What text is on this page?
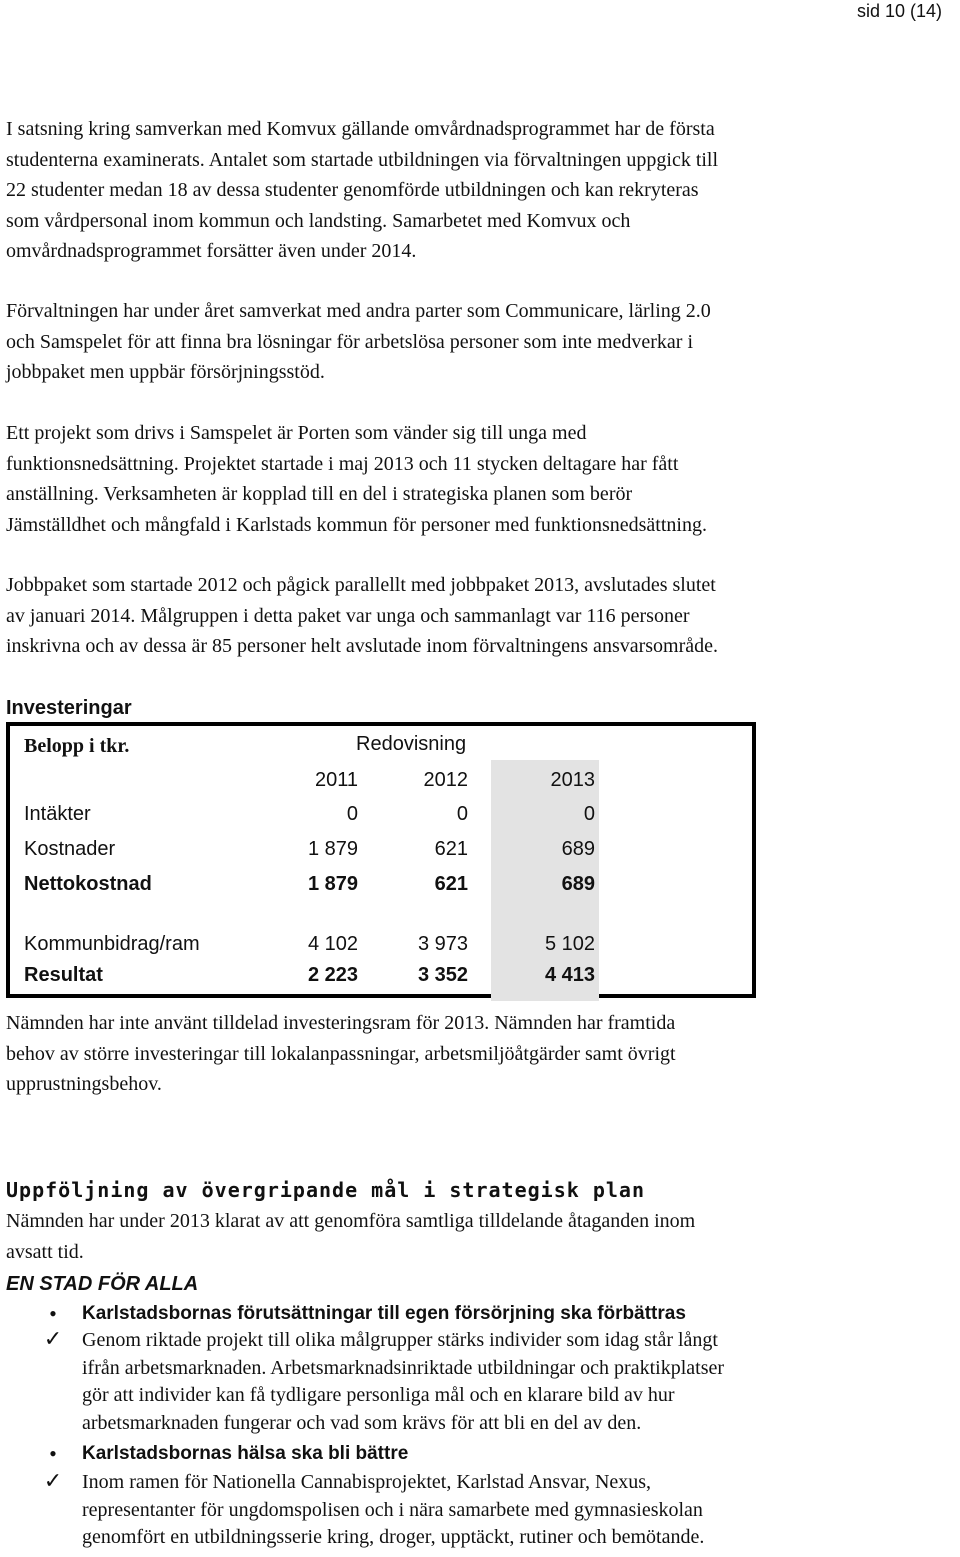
sid 10 (14)

I satsning kring samverkan med Komvux gällande omvårdnadsprogrammet har de första
studenterna examinerats. Antalet som startade utbildningen via förvaltningen uppgick till
22 studenter medan 18 av dessa studenter genomförde utbildningen och kan rekryteras
som vårdpersonal inom kommun och landsting. Samarbetet med Komvux och
omvårdnadsprogrammet forsätter även under 2014.

Förvaltningen har under året samverkat med andra parter som Communicare, lärling 2.0
och Samspelet för att finna bra lösningar för arbetslösa personer som inte medverkar i
jobbpaket men uppbär försörjningsstöd.

Ett projekt som drivs i Samspelet är Porten som vänder sig till unga med
funktionsnedsättning. Projektet startade i maj 2013 och 11 stycken deltagare har fått
anställning. Verksamheten är kopplad till en del i strategiska planen som berör
Jämställdhet och mångfald i Karlstads kommun för personer med funktionsnedsättning.

Jobbpaket som startade 2012 och pågick parallellt med jobbpaket 2013, avslutades slutet
av januari 2014. Målgruppen i detta paket var unga och sammanlagt var 116 personer
inskrivna och av dessa är 85 personer helt avslutade inom förvaltningens ansvarsområde.

Investeringar
Belopp i tkr.	Redovisning
2011	2012	2013
Intäkter	0	0	0
Kostnader	1 879	621	689
Nettokostnad	1 879	621	689
Kommunbidrag/ram	4 102	3 973	5 102
Resultat	2 223	3 352	4 413

Nämnden har inte använt tilldelad investeringsram för 2013. Nämnden har framtida
behov av större investeringar till lokalanpassningar, arbetsmiljöåtgärder samt övrigt
upprustningsbehov.

Uppföljning av övergripande mål i strategisk plan

Nämnden har under 2013 klarat av att genomföra samtliga tilldelande åtaganden inom
avsatt tid.

EN STAD FÖR ALLA
•	Karlstadsbornas förutsättningar till egen försörjning ska förbättras
✓ Genom riktade projekt till olika målgrupper stärks individer som idag står långt
ifrån arbetsmarknaden. Arbetsmarknadsinriktade utbildningar och praktikplatser
gör att individer kan få tydligare personliga mål och en klarare bild av hur
arbetsmarknaden fungerar och vad som krävs för att bli en del av den.
•	Karlstadsbornas hälsa ska bli bättre
✓ Inom ramen för Nationella Cannabisprojektet, Karlstad Ansvar, Nexus,
representanter för ungdomspolisen och i nära samarbete med gymnasieskolan
genomfört en utbildningsserie kring, droger, upptäckt, rutiner och bemötande.
